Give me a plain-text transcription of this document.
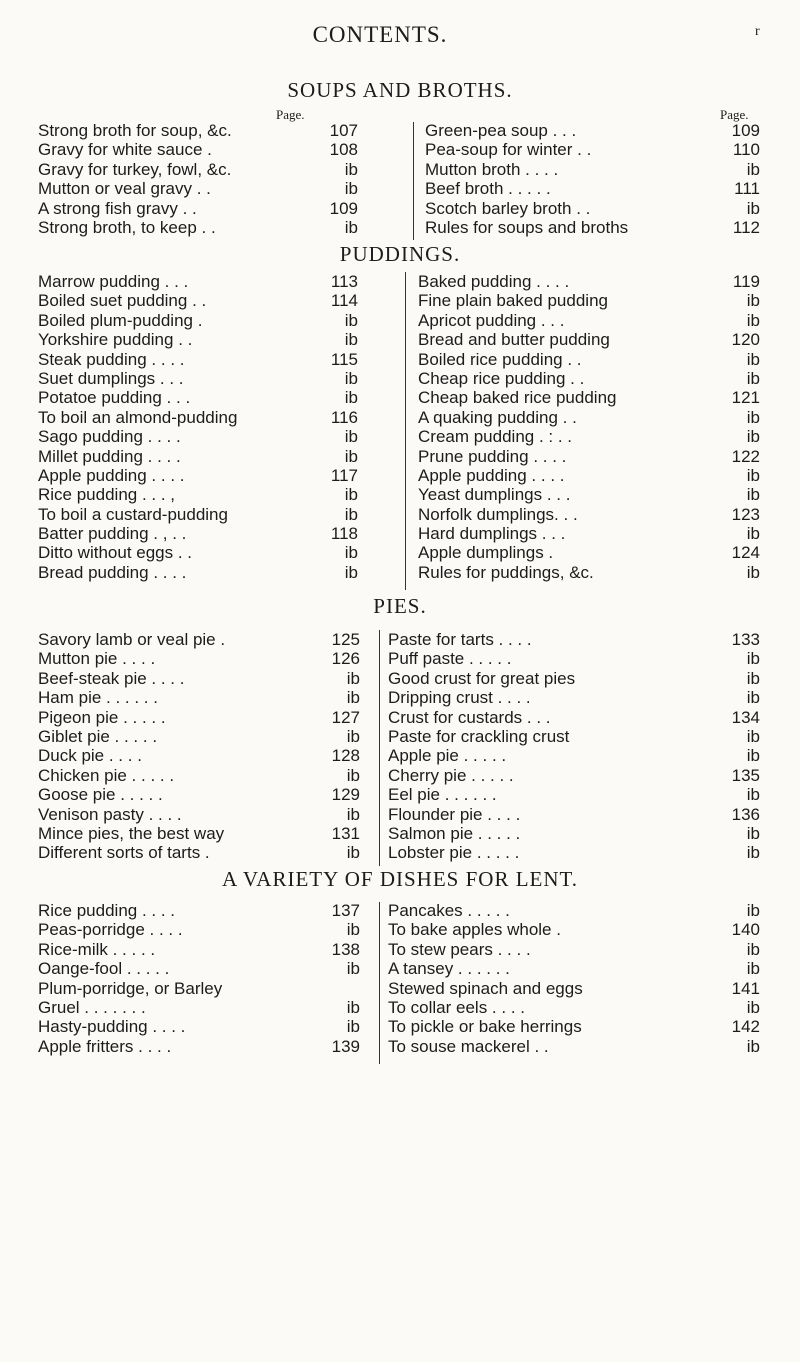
CONTENTS.	r
SOUPS AND BROTHS.
Page.	Page.
Strong broth for soup, &c.	107
Gravy for white sauce .	108
Gravy for turkey, fowl, &c.	ib
Mutton or veal gravy . .	ib
A strong fish gravy . .	109
Strong broth, to keep . .	ib
Green-pea soup . . .	109
Pea-soup for winter . .	110
Mutton broth . . . .	ib
Beef broth . . . . .	111
Scotch barley broth . .	ib
Rules for soups and broths	112
PUDDINGS.
Marrow pudding . . .	113
Boiled suet pudding . .	114
Boiled plum-pudding .	ib
Yorkshire pudding . .	ib
Steak pudding . . . .	115
Suet dumplings . . .	ib
Potatoe pudding . . .	ib
To boil an almond-pudding	116
Sago pudding . . . .	ib
Millet pudding . . . .	ib
Apple pudding . . . .	117
Rice pudding . . . ,	ib
To boil a custard-pudding	ib
Batter pudding . , . .	118
Ditto without eggs . .	ib
Bread pudding . . . .	ib
Baked pudding . . . .	119
Fine plain baked pudding	ib
Apricot pudding . . .	ib
Bread and butter pudding	120
Boiled rice pudding . .	ib
Cheap rice pudding . .	ib
Cheap baked rice pudding	121
A quaking pudding . .	ib
Cream pudding . : . .	ib
Prune pudding . . . .	122
Apple pudding . . . .	ib
Yeast dumplings . . .	ib
Norfolk dumplings. . .	123
Hard dumplings . . .	ib
Apple dumplings .	124
Rules for puddings, &c.	ib
PIES.
Savory lamb or veal pie .	125
Mutton pie . . . .	126
Beef-steak pie . . . .	ib
Ham pie . . . . . .	ib
Pigeon pie . . . . .	127
Giblet pie . . . . .	ib
Duck pie . . . .	128
Chicken pie . . . . .	ib
Goose pie . . . . .	129
Venison pasty . . . .	ib
Mince pies, the best way	131
Different sorts of tarts .	ib
Paste for tarts . . . .	133
Puff paste . . . . .	ib
Good crust for great pies	ib
Dripping crust . . . .	ib
Crust for custards . . .	134
Paste for crackling crust	ib
Apple pie . . . . .	ib
Cherry pie . . . . .	135
Eel pie . . . . . .	ib
Flounder pie . . . .	136
Salmon pie . . . . .	ib
Lobster pie . . . . .	ib
A VARIETY OF DISHES FOR LENT.
Rice pudding . . . .	137
Peas-porridge . . . .	ib
Rice-milk . . . . .	138
Oange-fool . . . . .	ib
Plum-porridge, or Barley
Gruel . . . . . . .	ib
Hasty-pudding . . . .	ib
Apple fritters . . . .	139
Pancakes . . . . .	ib
To bake apples whole .	140
To stew pears . . . .	ib
A tansey . . . . . .	ib
Stewed spinach and eggs	141
To collar eels . . . .	ib
To pickle or bake herrings	142
To souse mackerel . .	ib
